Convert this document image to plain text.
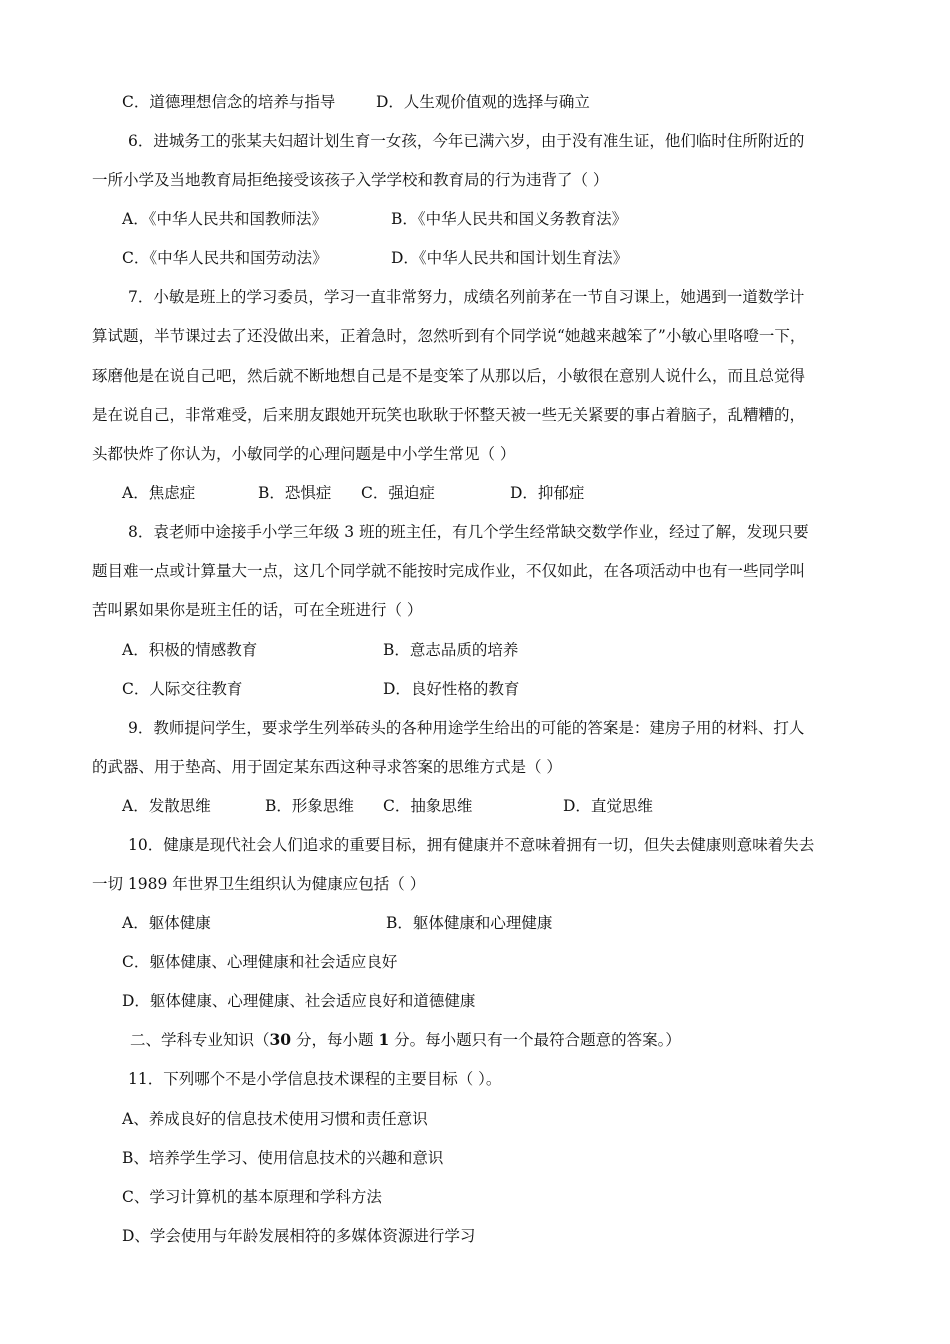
C．道德理想信念的培养与指导	D．人生观价值观的选择与确立
6．进城务工的张某夫妇超计划生育一女孩，今年已满六岁，由于没有准生证，他们临时住所附近的
一所小学及当地教育局拒绝接受该孩子入学学校和教育局的行为违背了（ ）
A．《中华人民共和国教师法》	B．《中华人民共和国义务教育法》
C．《中华人民共和国劳动法》	D．《中华人民共和国计划生育法》
7．小敏是班上的学习委员，学习一直非常努力，成绩名列前茅在一节自习课上，她遇到一道数学计
算试题，半节课过去了还没做出来，正着急时，忽然听到有个同学说“她越来越笨了”小敏心里咯噔一下，
琢磨他是在说自己吧，然后就不断地想自己是不是变笨了从那以后，小敏很在意别人说什么，而且总觉得
是在说自己，非常难受，后来朋友跟她开玩笑也耿耿于怀整天被一些无关紧要的事占着脑子，乱糟糟的，
头都快炸了你认为，小敏同学的心理问题是中小学生常见（ ）
A．焦虑症	B．恐惧症 C．强迫症	D．抑郁症
8．袁老师中途接手小学三年级 3 班的班主任，有几个学生经常缺交数学作业，经过了解，发现只要
题目难一点或计算量大一点，这几个同学就不能按时完成作业，不仅如此，在各项活动中也有一些同学叫
苦叫累如果你是班主任的话，可在全班进行（ ）
A．积极的情感教育	B．意志品质的培养
C．人际交往教育	D．良好性格的教育
9．教师提问学生，要求学生列举砖头的各种用途学生给出的可能的答案是：建房子用的材料、打人
的武器、用于垫高、用于固定某东西这种寻求答案的思维方式是（ ）
A．发散思维	B．形象思维 C．抽象思维	D．直觉思维
10．健康是现代社会人们追求的重要目标，拥有健康并不意味着拥有一切，但失去健康则意味着失去
一切 1989 年世界卫生组织认为健康应包括（ ）
A．躯体健康	B．躯体健康和心理健康
C．躯体健康、心理健康和社会适应良好
D．躯体健康、心理健康、社会适应良好和道德健康
二、学科专业知识（30 分，每小题 1 分。每小题只有一个最符合题意的答案。）
11．下列哪个不是小学信息技术课程的主要目标（ ）。
A、养成良好的信息技术使用习惯和责任意识
B、培养学生学习、使用信息技术的兴趣和意识
C、学习计算机的基本原理和学科方法
D、学会使用与年龄发展相符的多媒体资源进行学习
